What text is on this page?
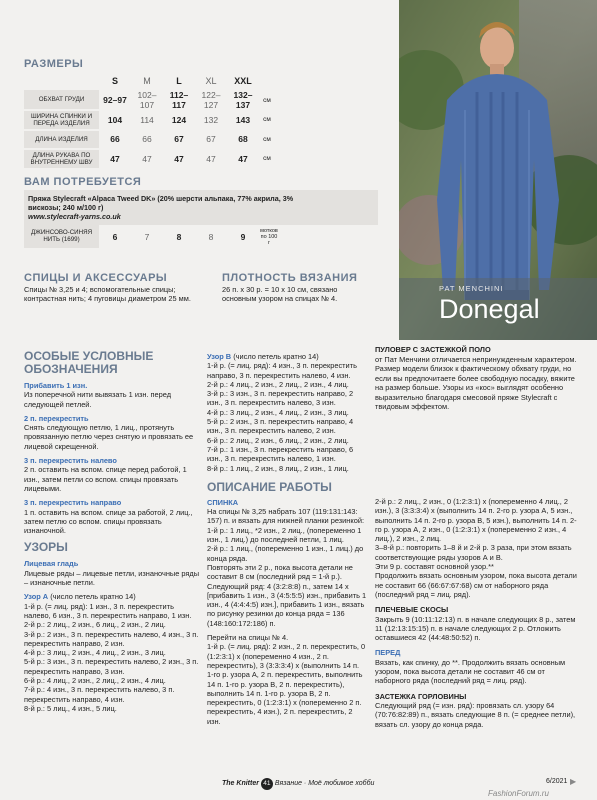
РАЗМЕРЫ
	S	M	L	XL	XXL	
ОБХВАТ ГРУДИ	92–97	102–107	112–117	122–127	132–137	см
ШИРИНА СПИНКИ И ПЕРЕДА ИЗДЕЛИЯ	104	114	124	132	143	см
ДЛИНА ИЗДЕЛИЯ	66	66	67	67	68	см
ДЛИНА РУКАВА ПО ВНУТРЕННЕМУ ШВУ	47	47	47	47	47	см
ВАМ ПОТРЕБУЕТСЯ
Пряжа Stylecraft «Alpaca Tweed DK» (20% шерсти альпака, 77% акрила, 3%
вискозы; 240 м/100 г)
www.stylecraft-yarns.co.uk
ДЖИНСОВО-СИНЯЯ НИТЬ (1699)	6	7	8	8	9	мотков по 100 г
СПИЦЫ И АКСЕССУАРЫ
Спицы № 3,25 и 4; вспомогательные спицы; контрастная нить; 4 пуговицы диаметром 25 мм.
ПЛОТНОСТЬ ВЯЗАНИЯ
26 п. х 30 р. = 10 х 10 см, связано основным узором на спицах № 4.
PAT MENCHINI
Donegal
ПУЛОВЕР С ЗАСТЕЖКОЙ ПОЛО
от Пат Менчини отличается непринужденным характером. Размер модели близок к фактическому обхвату груди, но если вы предпочитаете более свободную посадку, вяжите на размер больше. Узоры из «кос» выглядят особенно выразительно благодаря смесовой пряже Stylecraft с твидовым эффектом.
ОСОБЫЕ УСЛОВНЫЕ ОБОЗНАЧЕНИЯ

Прибавить 1 изн.

Из поперечной нити вывязать 1 изн. перед следующей петлей.

2 п. перекрестить

Снять следующую петлю, 1 лиц., протянуть провязанную петлю через снятую и провязать ее лицевой скрещенной.

3 п. перекрестить налево

2 п. оставить на вспом. спице перед работой, 1 изн., затем петли со вспом. спицы провязать лицевыми.

3 п. перекрестить направо

1 п. оставить на вспом. спице за работой, 2 лиц., затем петлю со вспом. спицы провязать изнаночной.

УЗОРЫ

Лицевая гладь

Лицевые ряды – лицевые петли, изнаночные ряды – изнаночные петли.

Узор А (число петель кратно 14)

1-й р. (= лиц. ряд): 1 изн., 3 п. перекрестить налево, 6 изн., 3 п. перекрестить направо, 1 изн.

2-й р.: 2 лиц., 2 изн., 6 лиц., 2 изн., 2 лиц.

3-й р.: 2 изн., 3 п. перекрестить налево, 4 изн., 3 п. перекрестить направо, 2 изн.

4-й р.: 3 лиц., 2 изн., 4 лиц., 2 изн., 3 лиц.

5-й р.: 3 изн., 3 п. перекрестить налево, 2 изн., 3 п. перекрестить направо, 3 изн.

6-й р.: 4 лиц., 2 изн., 2 лиц., 2 изн., 4 лиц.

7-й р.: 4 изн., 3 п. перекрестить налево, 3 п. перекрестить направо, 4 изн.

8-й р.: 5 лиц., 4 изн., 5 лиц.

Узор В (число петель кратно 14)

1-й р. (= лиц. ряд): 4 изн., 3 п. перекрестить направо, 3 п. перекрестить налево, 4 изн.

2-й р.: 4 лиц., 2 изн., 2 лиц., 2 изн., 4 лиц.

3-й р.: 3 изн., 3 п. перекрестить направо, 2 изн., 3 п. перекрестить налево, 3 изн.

4-й р.: 3 лиц., 2 изн., 4 лиц., 2 изн., 3 лиц.

5-й р.: 2 изн., 3 п. перекрестить направо, 4 изн., 3 п. перекрестить налево, 2 изн.

6-й р.: 2 лиц., 2 изн., 6 лиц., 2 изн., 2 лиц.

7-й р.: 1 изн., 3 п. перекрестить направо, 6 изн., 3 п. перекрестить налево, 1 изн.

8-й р.: 1 лиц., 2 изн., 8 лиц., 2 изн., 1 лиц.

ОПИСАНИЕ РАБОТЫ

СПИНКА

На спицы № 3,25 набрать 107 (119:131:143: 157) п. и вязать для нижней планки резинкой:

1-й р.: 1 лиц., *2 изн., 2 лиц., (попеременно 1 изн., 1 лиц.) до последней петли, 1 лиц.

2-й р.: 1 лиц., (попеременно 1 изн., 1 лиц.) до конца ряда.

Повторять эти 2 р., пока высота детали не составит 8 см (последний ряд = 1-й р.).

Следующий ряд: 4 (3:2:8:8) п., затем 14 х [прибавить 1 изн., 3 (4:5:5:5) изн., прибавить 1 изн., 4 (4:4:4:5) изн.], прибавить 1 изн., вязать по рисунку резинки до конца ряда = 136 (148:160:172:186) п.

Перейти на спицы № 4.

1-й р. (= лиц. ряд): 2 изн., 2 п. перекрестить, 0 (1:2:3:1) х (попеременно 4 изн., 2 п. перекрестить), 3 (3:3:3:4) х (выполнить 14 п. 1-го р. узора А, 2 п. перекрестить, выполнить 14 п. 1-го р. узора В, 2 п. перекрестить), выполнить 14 п. 1-го р. узора В, 2 п. перекрестить, 0 (1:2:3:1) х (попеременно 2 п. перекрестить, 4 изн.), 2 п. перекрестить, 2 изн.

2-й р.: 2 лиц., 2 изн., 0 (1:2:3:1) х (попеременно 4 лиц., 2 изн.), 3 (3:3:3:4) х (выполнить 14 п. 2-го р. узора А, 5 изн., выполнить 14 п. 2-го р. узора В, 5 изн.), выполнить 14 п. 2-го р. узора А, 2 изн., 0 (1:2:3:1) х (попеременно 2 изн., 4 лиц.), 2 изн., 2 лиц.

3–8-й р.: повторить 1–8 й и 2-й р. 3 раза, при этом вязать соответствующие ряды узоров А и В.

Эти 9 р. составят основной узор.**

Продолжить вязать основным узором, пока высота детали не составит 66 (66:67:67:68) см от наборного ряда (последний ряд = лиц. ряд).

ПЛЕЧЕВЫЕ СКОСЫ

Закрыть 9 (10:11:12:13) п. в начале следующих 8 р., затем 11 (12:13:15:15) п. в начале следующих 2 р. Отложить оставшиеся 42 (44:48:50:52) п.

ПЕРЕД

Вязать, как спинку, до **. Продолжить вязать основным узором, пока высота детали не составит 46 см от наборного ряда (последний ряд = лиц. ряд).

ЗАСТЕЖКА ГОРЛОВИНЫ

Следующий ряд (= изн. ряд): провязать сл. узору 64 (70:76:82:89) п., вязать следующие 8 п. (= среднее петли), вязать сл. узору до конца ряда.

The Knitter 41 Вязание · Моё любимое хобби	6/2021
FashionForum.ru
▶
